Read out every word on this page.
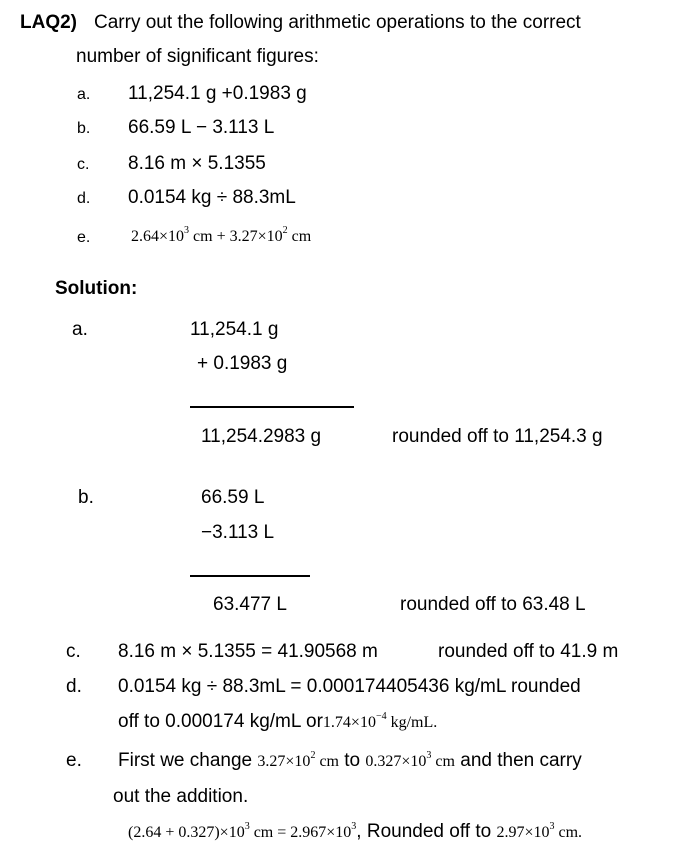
LAQ2) Carry out the following arithmetic operations to the correct
number of significant figures:
a. 11,254.1 g +0.1983 g
b. 66.59 L − 3.113 L
c. 8.16 m × 5.1355
d. 0.0154 kg ÷ 88.3mL
e.	$2.64\times 10^3$ cm + $3.27\times 10^2$ cm
Solution:
a.	11,254.1 g
+ 0.1983 g
11,254.2983 g	rounded off to 11,254.3 g
b.	66.59 L
−3.113 L
63.477 L	rounded off to 63.48 L
c. 8.16 m × 5.1355 = 41.90568 m	rounded off to 41.9 m
d. 0.0154 kg ÷ 88.3mL = 0.000174405436 kg/mL rounded
off to 0.000174 kg/mL $or1.74\times 10^{-4}$ kg/mL.
e. First we change $3.27\times 10^2$ cm to $0.327\times 10^3$ cm and then carry
out the addition.
$(2.64 + 0.327)\times 10^3$ cm = $2.967\times 10^3$, Rounded off to $2.97\times 10^3$ cm.
